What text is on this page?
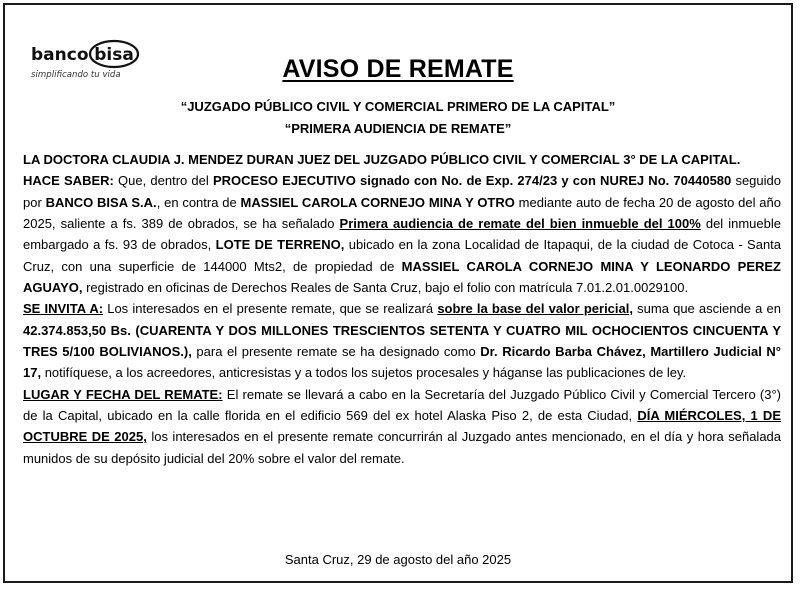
banco bisa
simplificando tu vida	AVISO DE REMATE
“JUZGADO PÚBLICO CIVIL Y COMERCIAL PRIMERO DE LA CAPITAL”
“PRIMERA AUDIENCIA DE REMATE”

LA DOCTORA CLAUDIA J. MENDEZ DURAN JUEZ DEL JUZGADO PÚBLICO CIVIL Y COMERCIAL 3° DE LA CAPITAL.

HACE SABER: Que, dentro del PROCESO EJECUTIVO signado con No. de Exp. 274/23 y con NUREJ No. 70440580 seguido por BANCO BISA S.A., en contra de MASSIEL CAROLA CORNEJO MINA Y OTRO mediante auto de fecha 20 de agosto del año 2025, saliente a fs. 389 de obrados, se ha señalado Primera audiencia de remate del bien inmueble del 100% del inmueble embargado a fs. 93 de obrados, LOTE DE TERRENO, ubicado en la zona Localidad de Itapaqui, de la ciudad de Cotoca - Santa Cruz, con una superficie de 144000 Mts2, de propiedad de MASSIEL CAROLA CORNEJO MINA Y LEONARDO PEREZ AGUAYO, registrado en oficinas de Derechos Reales de Santa Cruz, bajo el folio con matrícula 7.01.2.01.0029100.

SE INVITA A: Los interesados en el presente remate, que se realizará sobre la base del valor pericial, suma que asciende a en 42.374.853,50 Bs. (CUARENTA Y DOS MILLONES TRESCIENTOS SETENTA Y CUATRO MIL OCHOCIENTOS CINCUENTA Y TRES 5/100 BOLIVIANOS.), para el presente remate se ha designado como Dr. Ricardo Barba Chávez, Martillero Judicial N° 17, notifíquese, a los acreedores, anticresistas y a todos los sujetos procesales y háganse las publicaciones de ley.

LUGAR Y FECHA DEL REMATE: El remate se llevará a cabo en la Secretaría del Juzgado Público Civil y Comercial Tercero (3°) de la Capital, ubicado en la calle florida en el edificio 569 del ex hotel Alaska Piso 2, de esta Ciudad, DÍA MIÉRCOLES, 1 DE OCTUBRE DE 2025, los interesados en el presente remate concurrirán al Juzgado antes mencionado, en el día y hora señalada munidos de su depósito judicial del 20% sobre el valor del remate.

Santa Cruz, 29 de agosto del año 2025
